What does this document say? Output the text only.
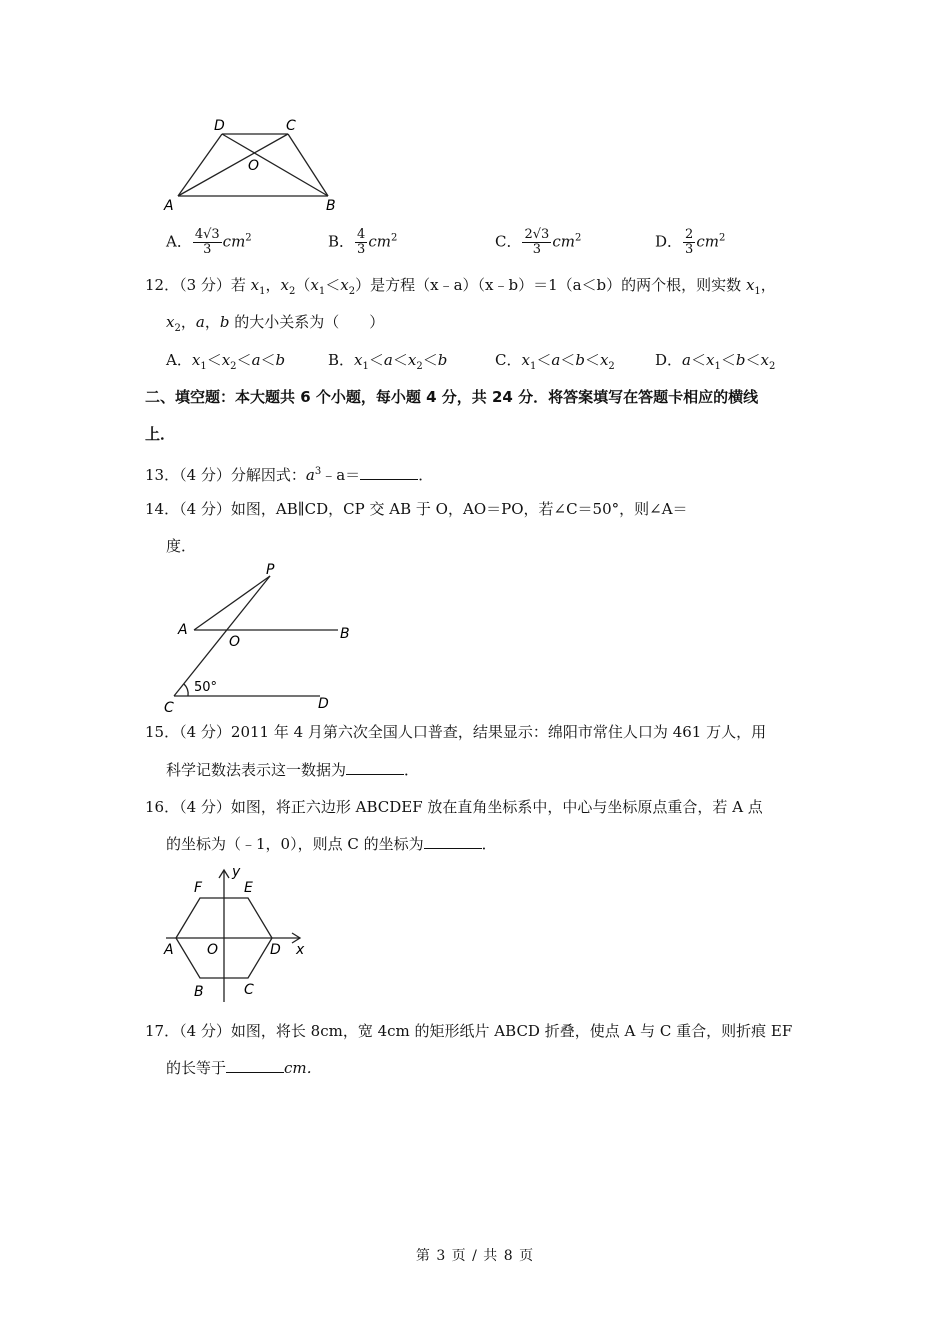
D	C
O
A	B
A． $\frac{4√3}{3} cm^2$	B． $\frac{4}{3} cm^2$	C． $\frac{2√3}{3} cm^2$	D． $\frac{2}{3} cm^2$
12．（3 分）若 $x_1$，$x_2(x_1<x_2)$是方程（x﹣a）（x﹣b）＝1（a＜b）的两个根，则实数 $x_1$，
$x_2$，a，b 的大小关系为（　　）
A．$x_1<x_2<a<b$	B．$x_1<a<x_2<b$	C．$x_1<a<b<x_2$	D．$a<x_1<b<x_2$
二、填空题：本大题共 6 个小题，每小题 4 分，共 24 分．将答案填写在答题卡相应的横线
上．
13．（4 分）分解因式：$a^3﹣a=$	．
14．（4 分）如图，AB∥CD，CP 交 AB 于 O，AO＝PO，若∠C＝50°，则∠A＝
度．
P
A
O	B
C	D
50°
15．（4 分）2011 年 4 月第六次全国人口普查，结果显示：绵阳市常住人口为 461 万人，用
科学记数法表示这一数据为	．
16．（4 分）如图，将正六边形 ABCDEF 放在直角坐标系中，中心与坐标原点重合，若 A 点
的坐标为（﹣1，0），则点 C 的坐标为	．
y
x
F	E
A O	D
B	C
17．（4 分）如图，将长 8cm，宽 4cm 的矩形纸片 ABCD 折叠，使点 A 与 C 重合，则折痕 EF
的长等于	cm．
第 3 页 / 共 8 页
